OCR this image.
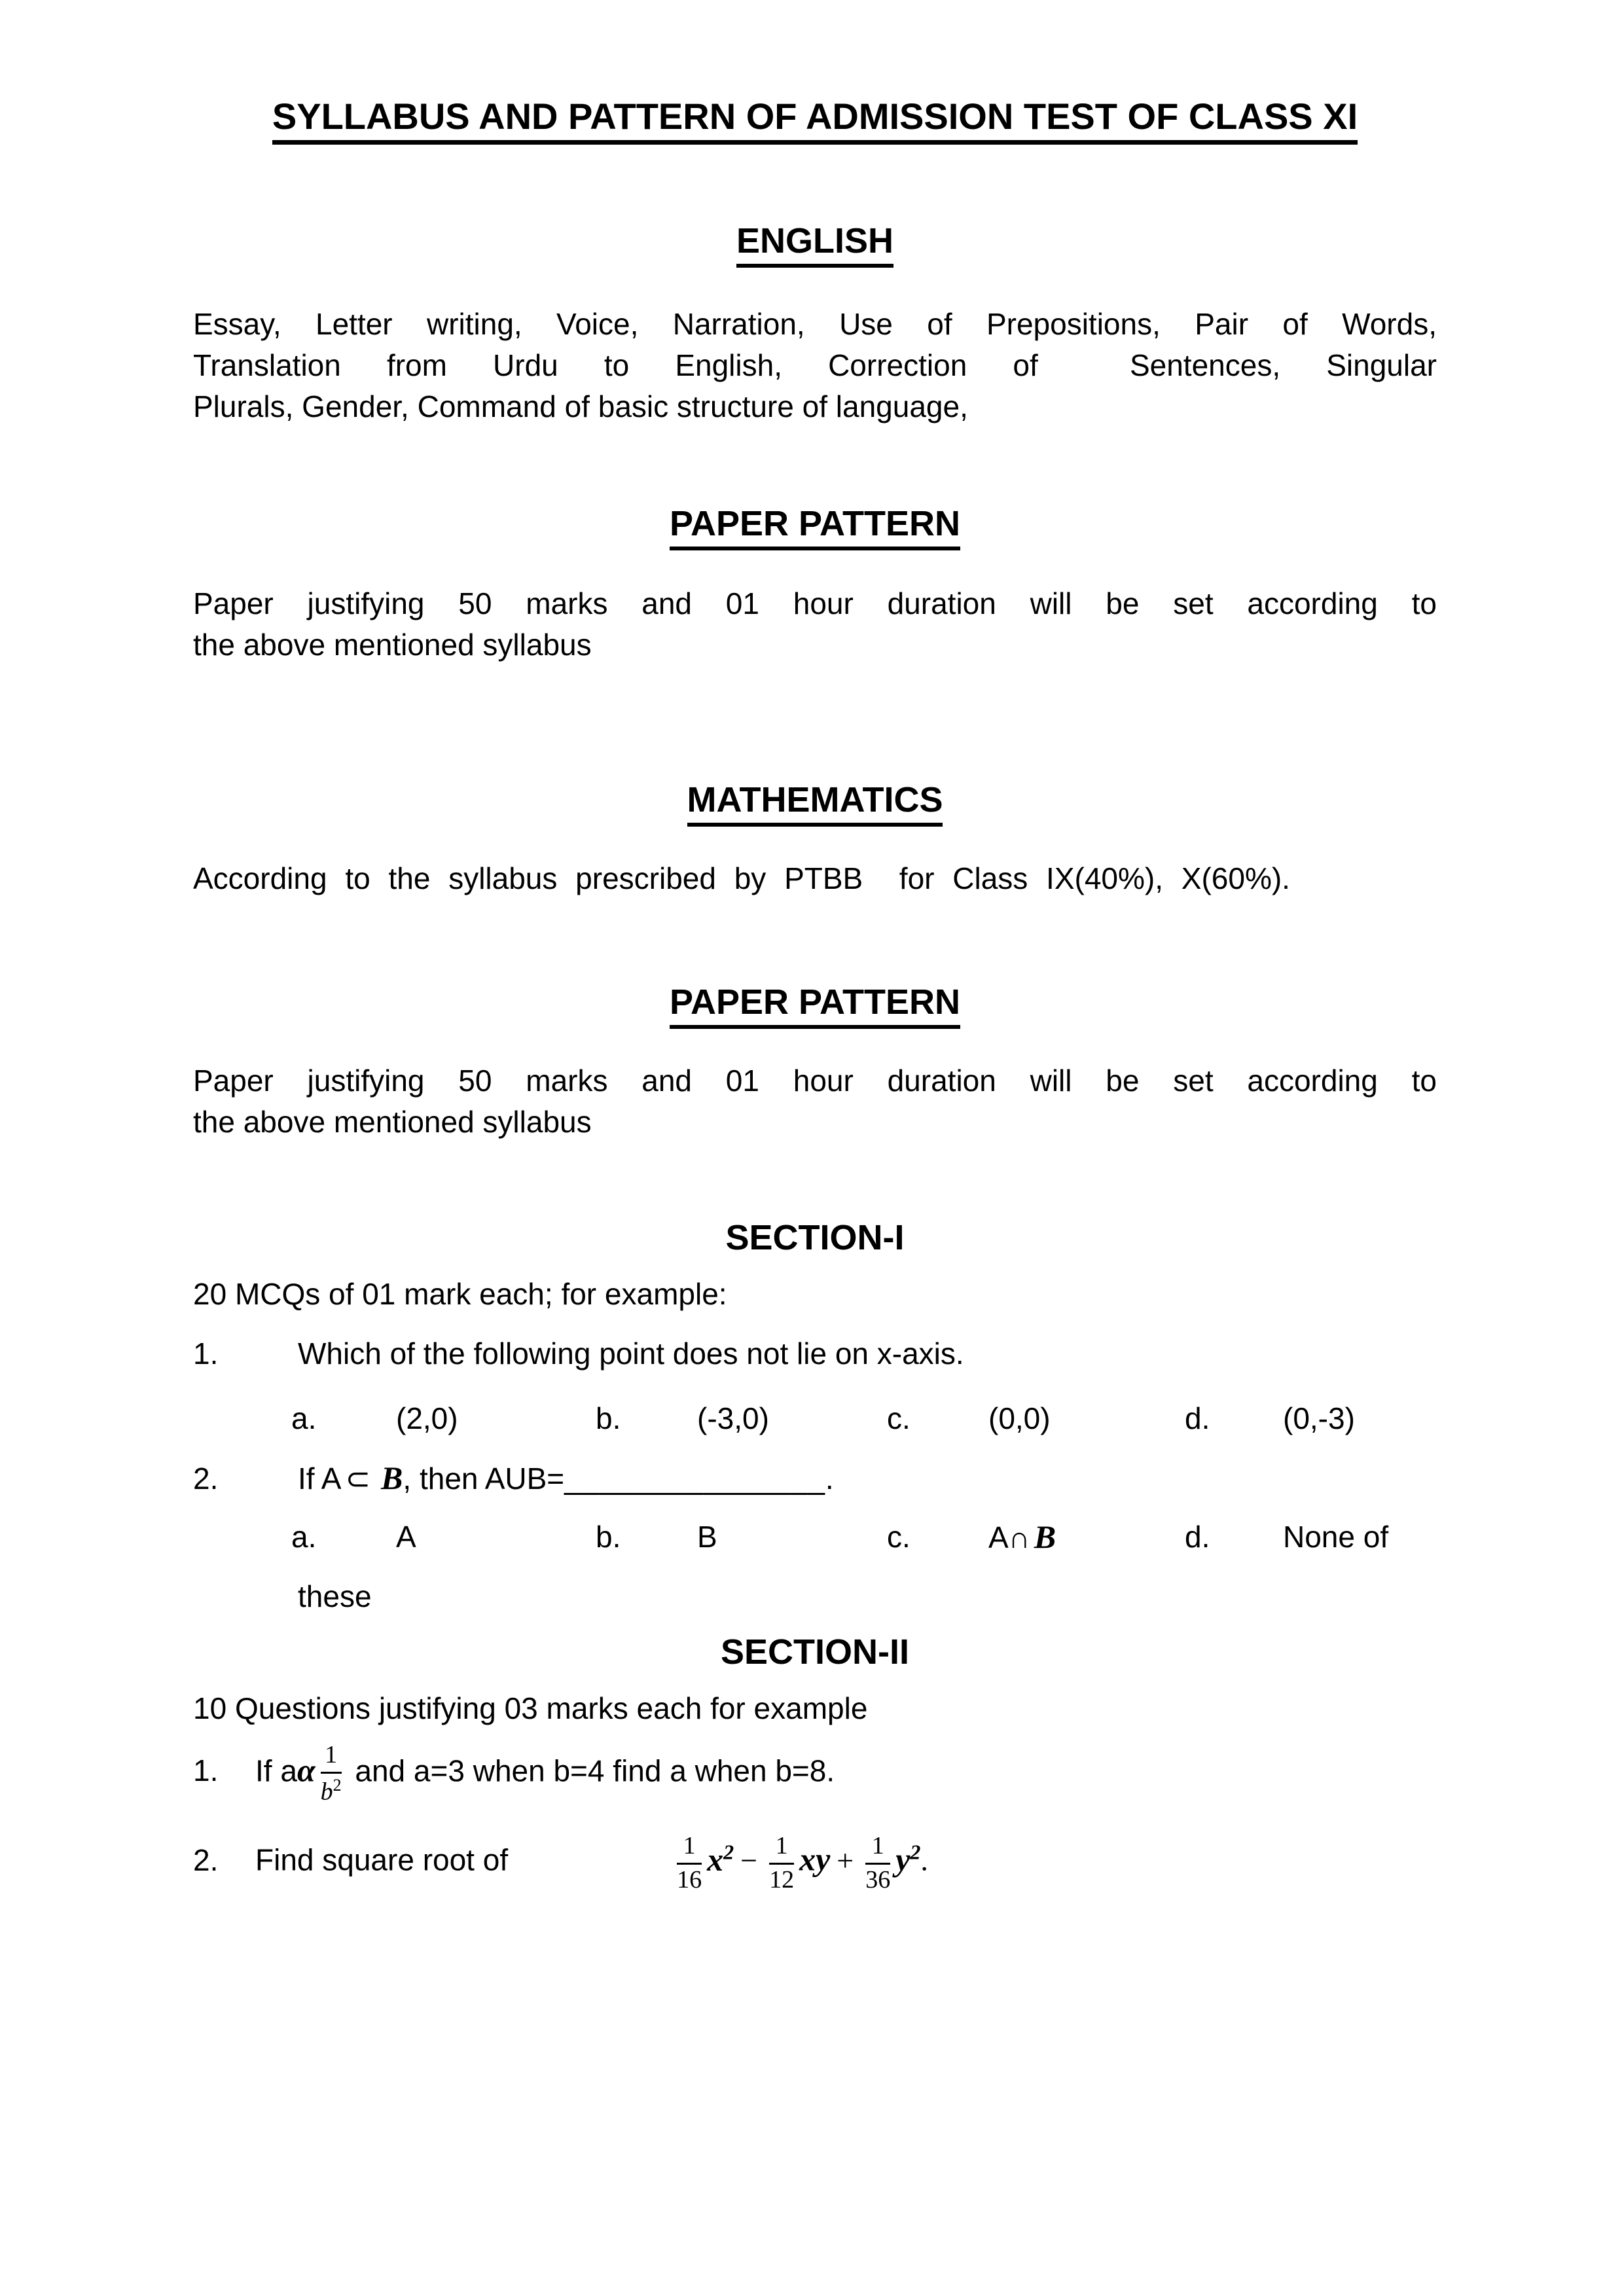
SYLLABUS AND PATTERN OF ADMISSION TEST OF CLASS XI
ENGLISH
Essay, Letter writing, Voice, Narration, Use of Prepositions, Pair of Words,
Translation from Urdu to English, Correction of  Sentences, Singular
Plurals, Gender, Command of basic structure of language,
PAPER PATTERN
Paper justifying 50 marks and 01 hour duration will be set according to
the above mentioned syllabus
MATHEMATICS
According to the syllabus prescribed by PTBB  for Class IX(40%), X(60%).
PAPER PATTERN
Paper justifying 50 marks and 01 hour duration will be set according to
the above mentioned syllabus
SECTION-I
20 MCQs of 01 mark each; for example:
1.	Which of the following point does not lie on x-axis.
a.	(2,0)	b.	(-3,0)	c.	(0,0)	d. (0,-3)
2.	If A ⊂ B, then AUB=_______________.
a.	A	b.	B	c.	A∩ B	d. None of
these
SECTION-II
10 Questions justifying 03 marks each for example
1. If aα $\frac{1}{b^2}$ and a=3 when b=4 find a when b=8.
2. Find square root of	$\frac{1}{16} x^2 - \frac{1}{12}$ xy + $\frac{1}{36} y^2$.
